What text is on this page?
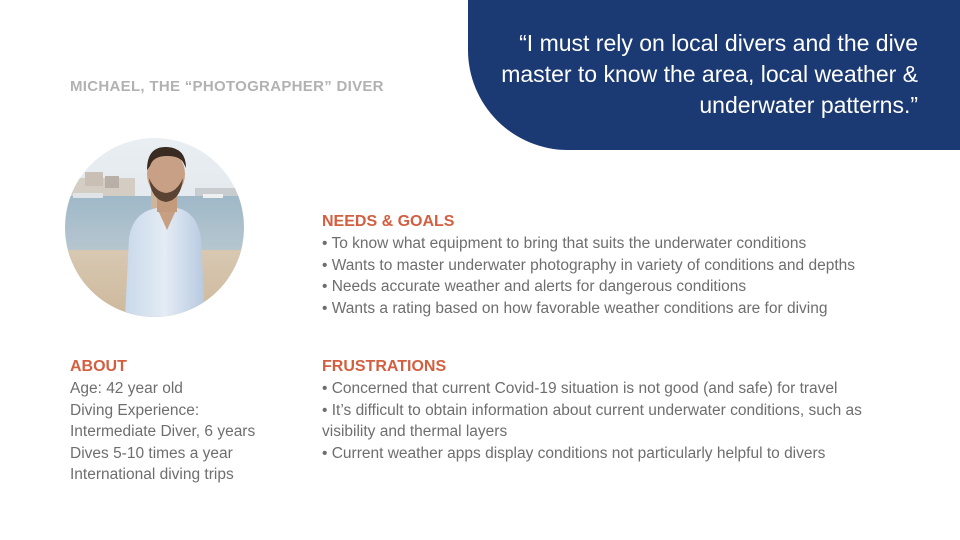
“I must rely on local divers and the dive master to know the area, local weather & underwater patterns.”

MICHAEL, THE “PHOTOGRAPHER” DIVER

NEEDS & GOALS
• To know what equipment to bring that suits the underwater conditions
• Wants to master underwater photography in variety of conditions and depths
• Needs accurate weather and alerts for dangerous conditions
• Wants a rating based on how favorable weather conditions are for diving
FRUSTRATIONS
• Concerned that current Covid-19 situation is not good (and safe) for travel
• It’s difficult to obtain information about current underwater conditions, such as visibility and thermal layers
• Current weather apps display conditions not particularly helpful to divers
ABOUT
Age: 42 year old
Diving Experience:
Intermediate Diver, 6 years
Dives 5-10 times a year
International diving trips
